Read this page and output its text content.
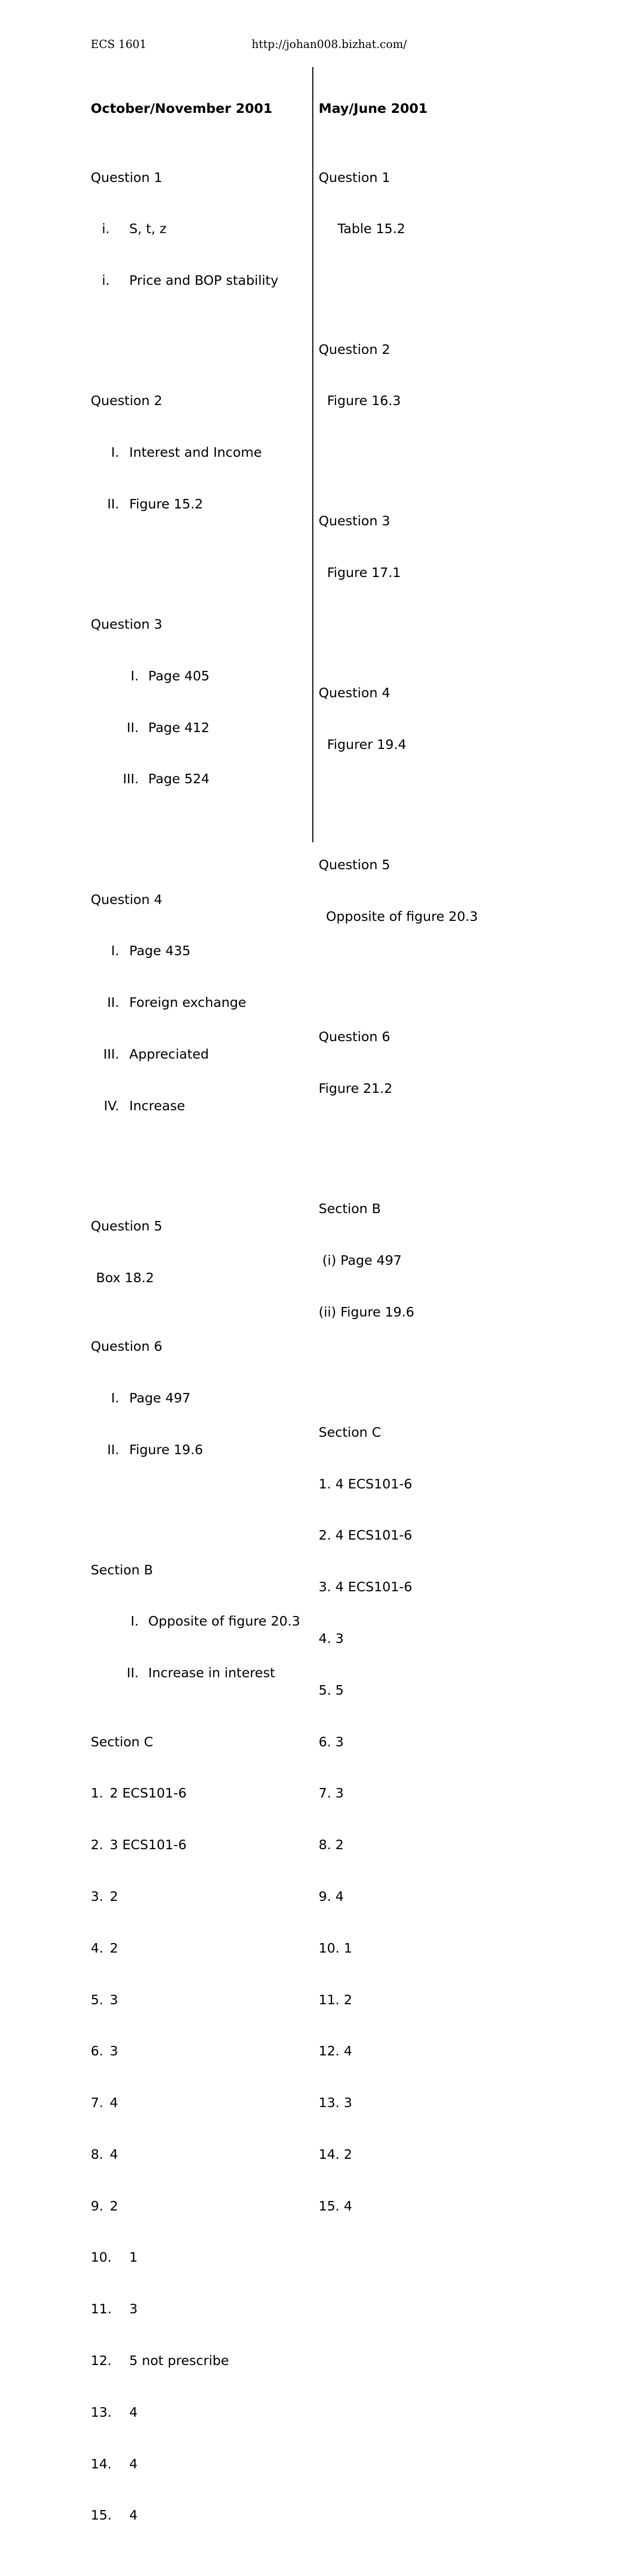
ECS 1601	http://johan008.bizhat.com/

October/November 2001

Question 1

i.

S, t, z

i.

Price and BOP stability

Question 2

I.

Interest and Income

II.

Figure 15.2

Question 3

I.

Page 405

II.

Page 412

III.

Page 524

Question 4

I.

Page 435

II.

Foreign exchange

III.

Appreciated

IV.

Increase

Question 5

Box 18.2

Question 6

I.

Page 497

II.

Figure 19.6

Section B

I.

Opposite of figure 20.3

II.

Increase in interest

Section C

1.

2 ECS101-6

2.

3 ECS101-6

3.

2

4.

2

5.

3

6.

3

7.

4

8.

4

9.

2

10.

1

11.

3

12.

5 not prescribe

13.

4

14.

4

15.

4

May/June 2001

Question 1

Table 15.2

Question 2

Figure 16.3

Question 3

Figure 17.1

Question 4

Figurer 19.4

Question 5

Opposite of figure 20.3

Question 6

Figure 21.2

Section B

(i) Page 497

(ii) Figure 19.6

Section C

1. 4 ECS101-6

2. 4 ECS101-6

3. 4 ECS101-6

4. 3

5. 5

6. 3

7. 3

8. 2

9. 4

10. 1

11. 2

12. 4

13. 3

14. 2

15. 4
